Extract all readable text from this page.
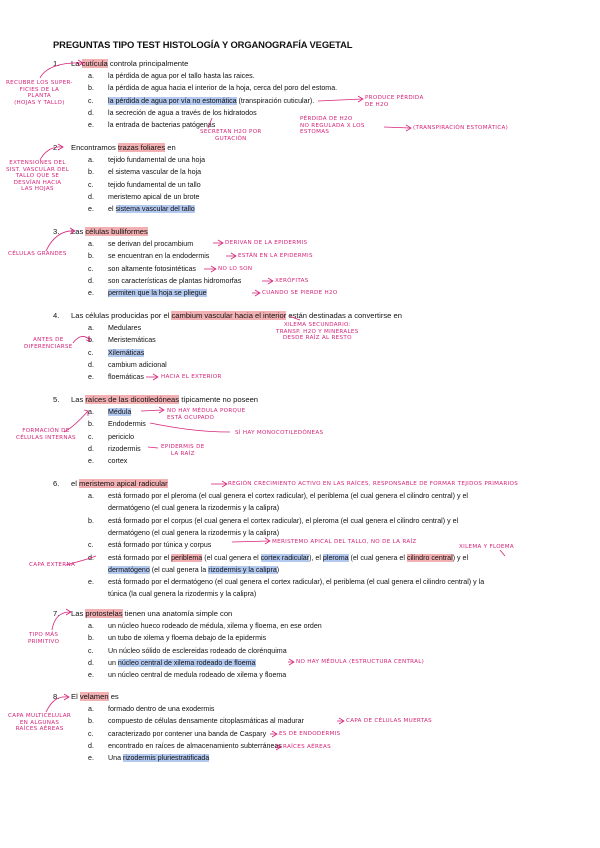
PREGUNTAS TIPO TEST HISTOLOGÍA Y ORGANOGRAFÍA VEGETAL
1. La cutícula controla principalmente
a. la pérdida de agua por el tallo hasta las raices.
b. la pérdida de agua hacia el interior de la hoja, cerca del poro del estoma.
c. la pérdida de agua por vía no estomática (transpiración cuticular).
d. la secreción de agua a través de los hidratodos
e. la entrada de bacterias patógenas
2. Encontramos trazas foliares en
a. tejido fundamental de una hoja
b. el sistema vascular de la hoja
c. tejido fundamental de un tallo
d. meristemo apical de un brote
e. el sistema vascular del tallo
3. Las células bulliformes
a. se derivan del procambium
b. se encuentran en la endodermis
c. son altamente fotosintéticas
d. son características de plantas hidromorfas
e. permiten que la hoja se pliegue
4. Las células producidas por el cambium vascular hacia el interior están destinadas a convertirse en
a. Medulares
b. Meristemáticas
c. Xilemáticas
d. cambium adicional
e. floemáticas
5. Las raíces de las dicotiledóneas típicamente no poseen
a. Médula
b. Endodermis
c. periciclo
d. rizodermis
e. cortex
6. el meristemo apical radicular
a. está formado por el pleroma (el cual genera el cortex radicular), el periblema (el cual genera el cilindro central) y el
dermatógeno (el cual genera la rizodermis y la calipra)
b. está formado por el corpus (el cual genera el cortex radicular), el pleroma (el cual genera el cilindro central) y el
dermatógeno (el cual genera la rizodermis y la calipra)
c. está formado por túnica y corpus
d. está formado por el periblema (el cual genera el cortex radicular), el pleroma (el cual genera el cilindro central) y el
dermatógeno (el cual genera la rizodermis y la calipra)
e. está formado por el dermatógeno (el cual genera el cortex radicular), el periblema (el cual genera el cilindro central) y la
túnica (la cual genera la rizodermis y la calipra)
7. Las protostelas tienen una anatomía simple con
a. un núcleo hueco rodeado de médula, xilema y floema, en ese orden
b. un tubo de xilema y floema debajo de la epidermis
c. Un núcleo sólido de esclereidas rodeado de clorénquima
d. un núcleo central de xilema rodeado de floema
e. un núcleo central de medula rodeado de xilema y floema
8. El velamen es
a. formado dentro de una exodermis
b. compuesto de células densamente citoplasmáticas al madurar
c. caracterizado por contener una banda de Caspary
d. encontrado en raíces de almacenamiento subterráneas
e. Una rizodermis pluriestratificada
RECUBRE LOS SUPER-
FICIES DE LA
PLANTA
(HOJAS Y TALLO)
PRODUCE PÉRDIDA
DE H2O
PÉRDIDA DE H2O
NO REGULADA X LOS
ESTOMAS
(TRANSPIRACIÓN ESTOMÁTICA)
SECRETAN H2O POR
GUTACIÓN
EXTENSIONES DEL
SIST. VASCULAR DEL
TALLO QUE SE
DESVÍAN HACIA
LAS HOJAS
CÉLULAS GRANDES
DERIVAN DE LA EPIDERMIS
ESTÁN EN LA EPIDERMIS
NO LO SON
XERÓFITAS
CUANDO SE PIERDE H2O
ANTES DE
DIFERENCIARSE
XILEMA SECUNDARIO:
TRANSP. H2O Y MINERALES
DESDE RAÍZ AL RESTO
HACIA EL EXTERIOR
FORMACIÓN DE
CÉLULAS INTERNAS
NO HAY MÉDULA PORQUE
ESTÁ OCUPADO
SÍ HAY MONOCOTILEDÓNEAS
EPIDERMIS DE
LA RAÍZ
REGIÓN CRECIMIENTO ACTIVO EN LAS RAÍCES, RESPONSABLE DE FORMAR TEJIDOS PRIMARIOS
MERISTEMO APICAL DEL TALLO, NO DE LA RAÍZ
XILEMA Y FLOEMA
CAPA EXTERNA
TIPO MÁS
PRIMITIVO
NO HAY MÉDULA (ESTRUCTURA CENTRAL)
CAPA MULTICELULAR
EN ALGUNAS
RAÍCES AÉREAS
CAPA DE CÉLULAS MUERTAS
ES DE ENDODERMIS
RAÍCES AÉREAS
